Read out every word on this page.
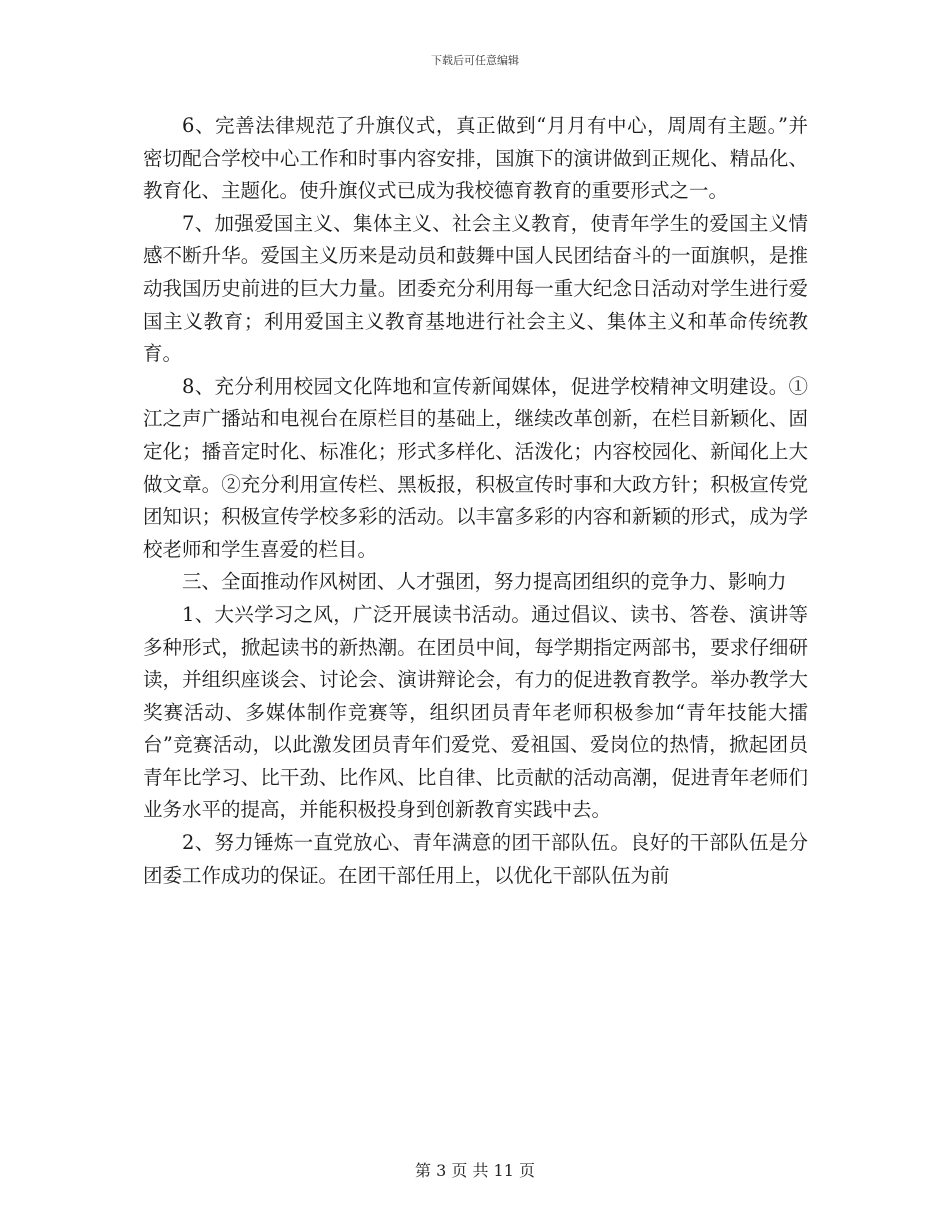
下载后可任意编辑

6、完善法律规范了升旗仪式，真正做到“月月有中心，周周有主题。”并密切配合学校中心工作和时事内容安排，国旗下的演讲做到正规化、精品化、教育化、主题化。使升旗仪式已成为我校德育教育的重要形式之一。

7、加强爱国主义、集体主义、社会主义教育，使青年学生的爱国主义情感不断升华。爱国主义历来是动员和鼓舞中国人民团结奋斗的一面旗帜，是推动我国历史前进的巨大力量。团委充分利用每一重大纪念日活动对学生进行爱国主义教育；利用爱国主义教育基地进行社会主义、集体主义和革命传统教育。

8、充分利用校园文化阵地和宣传新闻媒体，促进学校精神文明建设。①江之声广播站和电视台在原栏目的基础上，继续改革创新，在栏目新颖化、固定化；播音定时化、标准化；形式多样化、活泼化；内容校园化、新闻化上大做文章。②充分利用宣传栏、黑板报，积极宣传时事和大政方针；积极宣传党团知识；积极宣传学校多彩的活动。以丰富多彩的内容和新颖的形式，成为学校老师和学生喜爱的栏目。

三、全面推动作风树团、人才强团，努力提高团组织的竞争力、影响力

1、大兴学习之风，广泛开展读书活动。通过倡议、读书、答卷、演讲等多种形式，掀起读书的新热潮。在团员中间，每学期指定两部书，要求仔细研读，并组织座谈会、讨论会、演讲辩论会，有力的促进教育教学。举办教学大奖赛活动、多媒体制作竞赛等，组织团员青年老师积极参加“青年技能大擂台”竞赛活动，以此激发团员青年们爱党、爱祖国、爱岗位的热情，掀起团员青年比学习、比干劲、比作风、比自律、比贡献的活动高潮，促进青年老师们业务水平的提高，并能积极投身到创新教育实践中去。

2、努力锤炼一直党放心、青年满意的团干部队伍。良好的干部队伍是分团委工作成功的保证。在团干部任用上，以优化干部队伍为前

第 3 页 共 11 页
